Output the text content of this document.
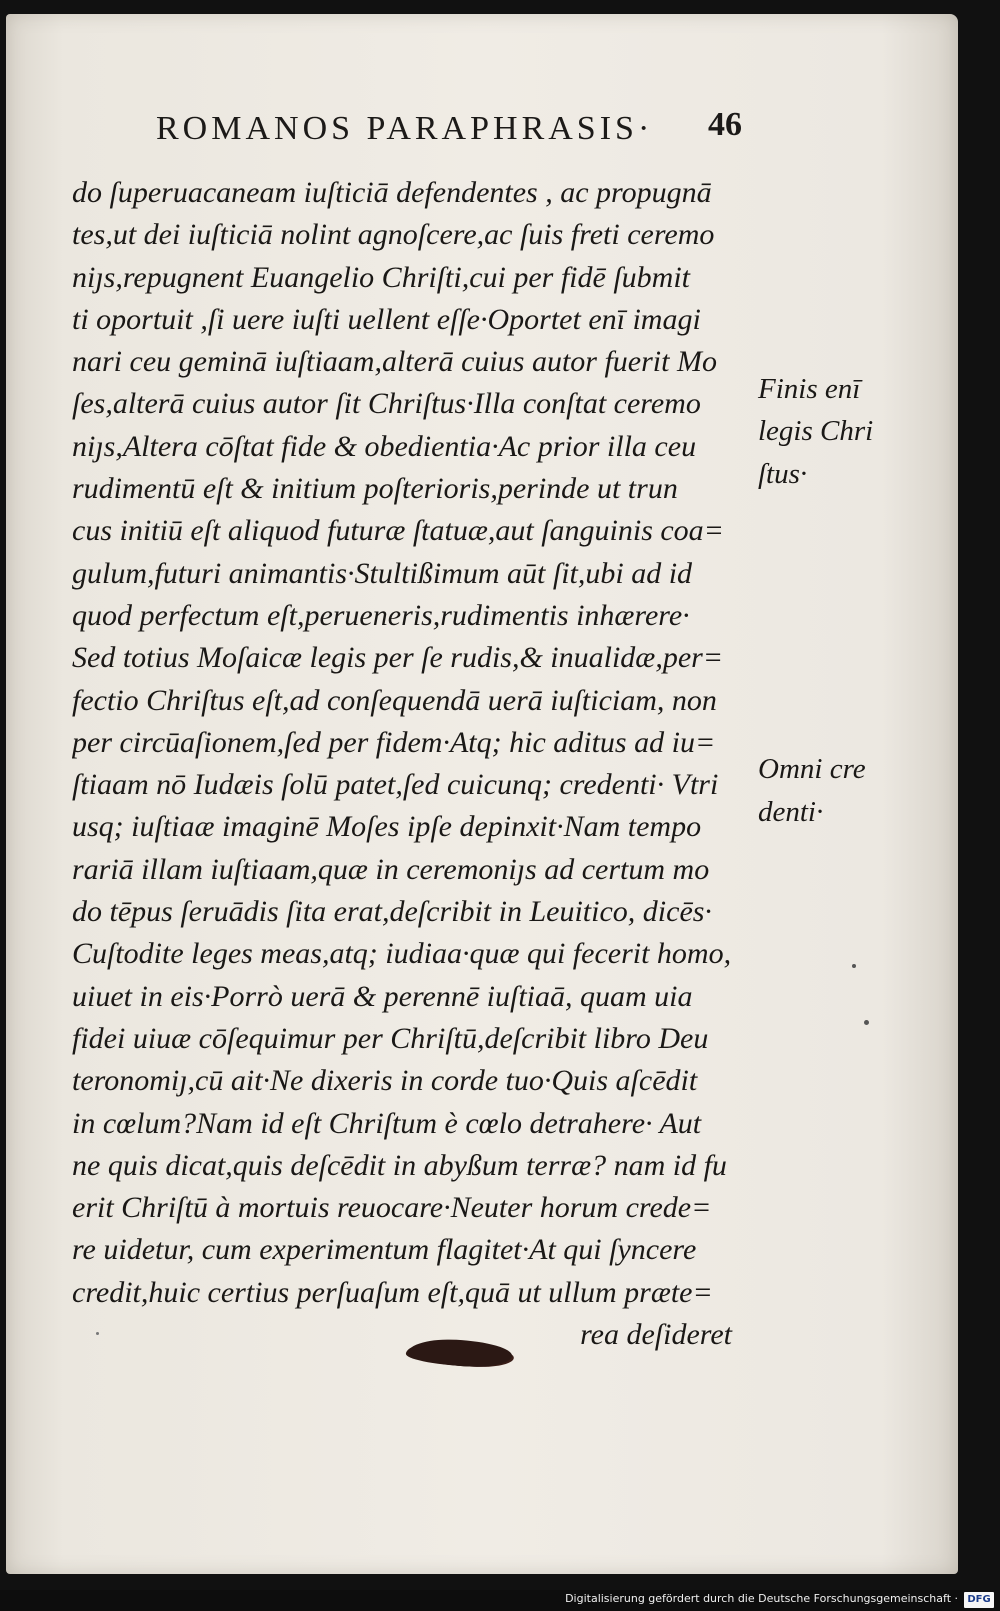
ROMANOS PARAPHRASIS· 46
do ſuperuacaneam iuſticiā defendentes , ac propugnā
tes,ut dei iuſticiā nolint agnoſcere,ac ſuis freti ceremo
niȷs,repugnent Euangelio Chriſti,cui per fidē ſubmit
ti oportuit ,ſi uere iuſti uellent eſſe·Oportet enī imagi
nari ceu geminā iuſtiaam,alterā cuius autor fuerit Mo
ſes,alterā cuius autor ſit Chriſtus·Illa conſtat ceremo
niȷs,Altera cōſtat fide & obedientia·Ac prior illa ceu
rudimentū eſt & initium poſterioris,perinde ut trun
cus initiū eſt aliquod futuræ ſtatuæ,aut ſanguinis coa=
gulum,futuri animantis·Stultißimum aūt ſit,ubi ad id
quod perfectum eſt,perueneris,rudimentis inhærere·
Sed totius Moſaicæ legis per ſe rudis,& inualidæ,per=
fectio Chriſtus eſt,ad conſequendā uerā iuſticiam, non
per circūaſionem,ſed per fidem·Atq; hic aditus ad iu=
ſtiaam nō Iudæis ſolū patet,ſed cuicunq; credenti· Vtri
usq; iuſtiaæ imaginē Moſes ipſe depinxit·Nam tempo
rariā illam iuſtiaam,quæ in ceremoniȷs ad certum mo
do tēpus ſeruādis ſita erat,deſcribit in Leuitico, dicēs·
Cuſtodite leges meas,atq; iudiaa·quæ qui fecerit homo,
uiuet in eis·Porrò uerā & perennē iuſtiaā, quam uia
fidei uiuæ cōſequimur per Chriſtū,deſcribit libro Deu
teronomiȷ,cū ait·Ne dixeris in corde tuo·Quis aſcēdit
in cœlum?Nam id eſt Chriſtum è cœlo detrahere· Aut
ne quis dicat,quis deſcēdit in abyßum terræ? nam id fu
erit Chriſtū à mortuis reuocare·Neuter horum crede=
re uidetur, cum experimentum flagitet·At qui ſyncere
credit,huic certius perſuaſum eſt,quā ut ullum præte=
rea deſideret
Finis enī
legis Chri
ſtus·
Omni cre
denti·
Digitalisierung gefördert durch die Deutsche Forschungsgemeinschaft · DFG
